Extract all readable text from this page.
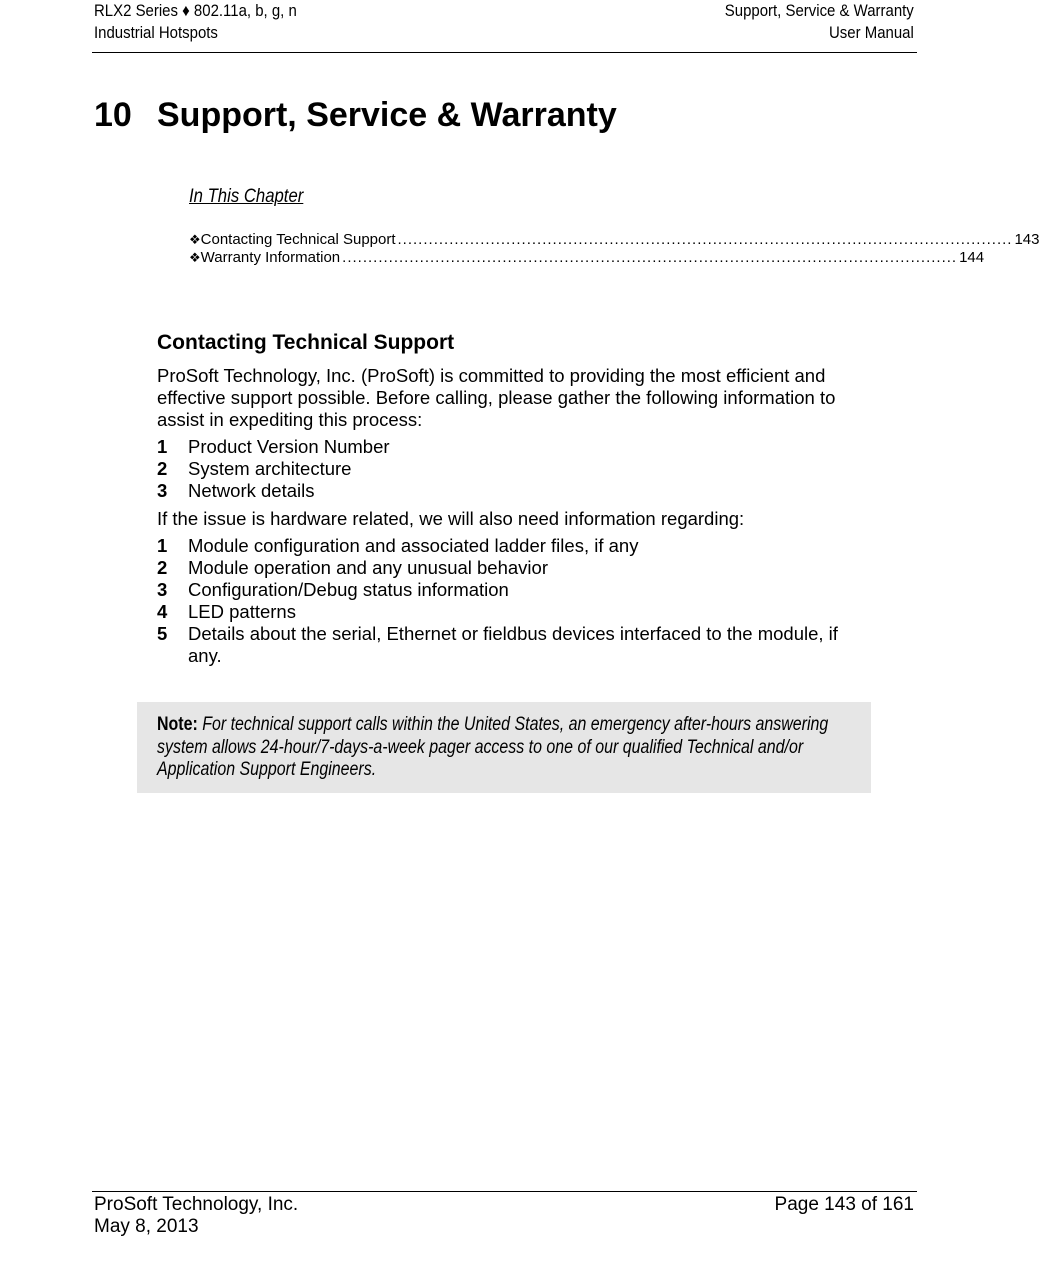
RLX2 Series ♦ 802.11a, b, g, n
Industrial Hotspots
Support, Service & Warranty
User Manual
10 Support, Service & Warranty
In This Chapter
❖ Contacting Technical Support ....................................................................................................................... 143
❖ Warranty Information ....................................................................................................................... 144
Contacting Technical Support
ProSoft Technology, Inc. (ProSoft) is committed to providing the most efficient and effective support possible. Before calling, please gather the following information to assist in expediting this process:
1	Product Version Number
2	System architecture
3	Network details
If the issue is hardware related, we will also need information regarding:
1	Module configuration and associated ladder files, if any
2	Module operation and any unusual behavior
3	Configuration/Debug status information
4	LED patterns
5	Details about the serial, Ethernet or fieldbus devices interfaced to the module, if any.
Note: For technical support calls within the United States, an emergency after-hours answering system allows 24-hour/7-days-a-week pager access to one of our qualified Technical and/or Application Support Engineers.
ProSoft Technology, Inc.
May 8, 2013
Page 143 of 161
